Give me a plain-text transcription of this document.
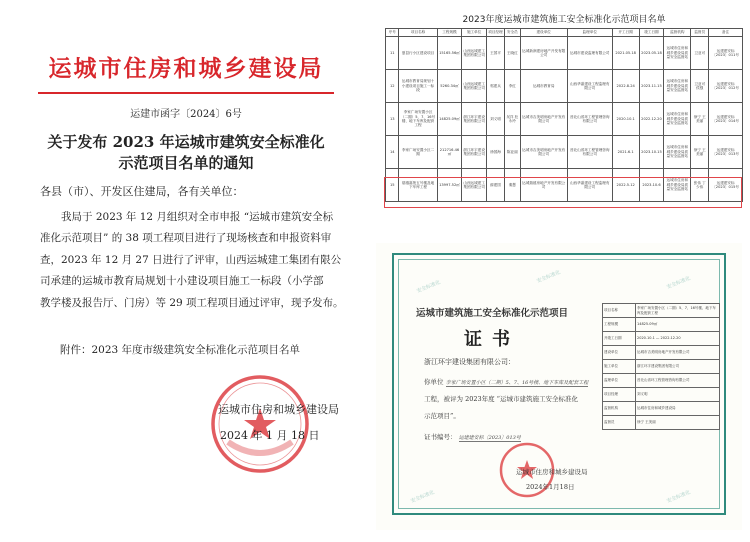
运城市住房和城乡建设局
运建市函字〔2024〕6号
关于发布 2023 年运城市建筑安全标准化
示范项目名单的通知
各县（市）、开发区住建局，各有关单位：
我局于 2023 年 12 月组织对全市申报 “运城市建筑安全标
准化示范项目” 的 38 项工程项目进行了现场核查和申报资料审
查，2023 年 12 月 27 日进行了评审，山西运城建工集团有限公
司承建的运城市教育局规划十小建设项目施工一标段（小学部
教学楼及报告厅、门房）等 29 项工程项目通过评审，现予发布。
附件：2023 年度市级建筑安全标准化示范项目名单
运城市住房和城乡建设局
2024 年 1 月 18 日
2023年度运城市建筑施工安全标准化示范项目名单
序号	项目名称	工程规模	施工单位	项目经理	安全员	建设单位	监理单位	开工日期	竣工日期	监督机构	监督员	备注
11	夏县行小区建设项目	15165.56㎡	山西运城建工集团有限公司	王国平	王晓红	运城新润建房地产开发有限公司	运城市建设监理有限公司	2021.05.18	2023.05.18	运城市住房和城乡建设局质量安全监督站	卫亚可	运建建安标〔2023〕011号
12	运城市教育局规划十小建设项目施工一标段	5260.34㎡	山西运城建工集团有限公司	郭建兵	李红	运城市教育局	山西华嘉建设工程监理有限公司	2022.8.24	2023.11.15	运城市住房和城乡建设局质量安全监督站	卫亚可 侯强	运建建安标〔2023〕012号
13	李家广场安置小区（二期）5、7、16号楼、地下车库及配套工程	14825.09㎡	浙江环宇建设集团有限公司	刘义明	吴洋 杜永玲	运城市吉美明房地产开发有限公司	晋北山省环工程管理咨询有限公司	2020.10.1	2022.12.20	运城市住房和城乡建设局质量安全监督站	徐宁 王美丽	运建建安标〔2023〕014号
14	李家广场安置小区二期	212716.46㎡	浙江环宇建设集团有限公司	徐国海	陈亚丽	运城市吉美明房地产开发有限公司	晋北山省环工程管理咨询有限公司	2021.6.1	2023.10.15	运城市住房和城乡建设局质量安全监督站	徐宁 王美丽	运建建安标〔2023〕013号
15	瑞禧嘉苑五号楼及地下车库工程	13997.52㎡	山西运城建工集团有限公司	薛建国	秦慧	运城瑞禧房地产开发有限公司	山西华嘉建设工程监理有限公司	2022.5.12	2023.10.6	运城市住房和城乡建设局质量安全监督站	张伟 丁少伟	运建建安标〔2023〕015号
安全标准化
安全标准化	安全标准化
安全标准化	安全标准化
运城市建筑施工安全标准化示范项目
证书
浙江环宇建设集团有限公司：
你单位 李家广场安置小区（二期）5、7、16号楼、地下车库及配套工程
工程，被评为 2023年度 “运城市建筑施工安全标准化
示范项目”。
证书编号： 运建建安标〔2023〕013号
运城市住房和城乡建设局
2024年1月18日
项目名称	李家广场安置小区（二期）5、7、16号楼、地下车库及配套工程
工程规模	14825.09㎡
开竣工日期	2020.10.1 — 2022.12.20
建设单位	运城市吉美明房地产开发有限公司
施工单位	浙江环宇建设集团有限公司
监理单位	晋北山省环工程管理咨询有限公司
项目经理	刘义明
监督机构	运城市住房和城乡建设局
监督员	徐宁 王美丽
